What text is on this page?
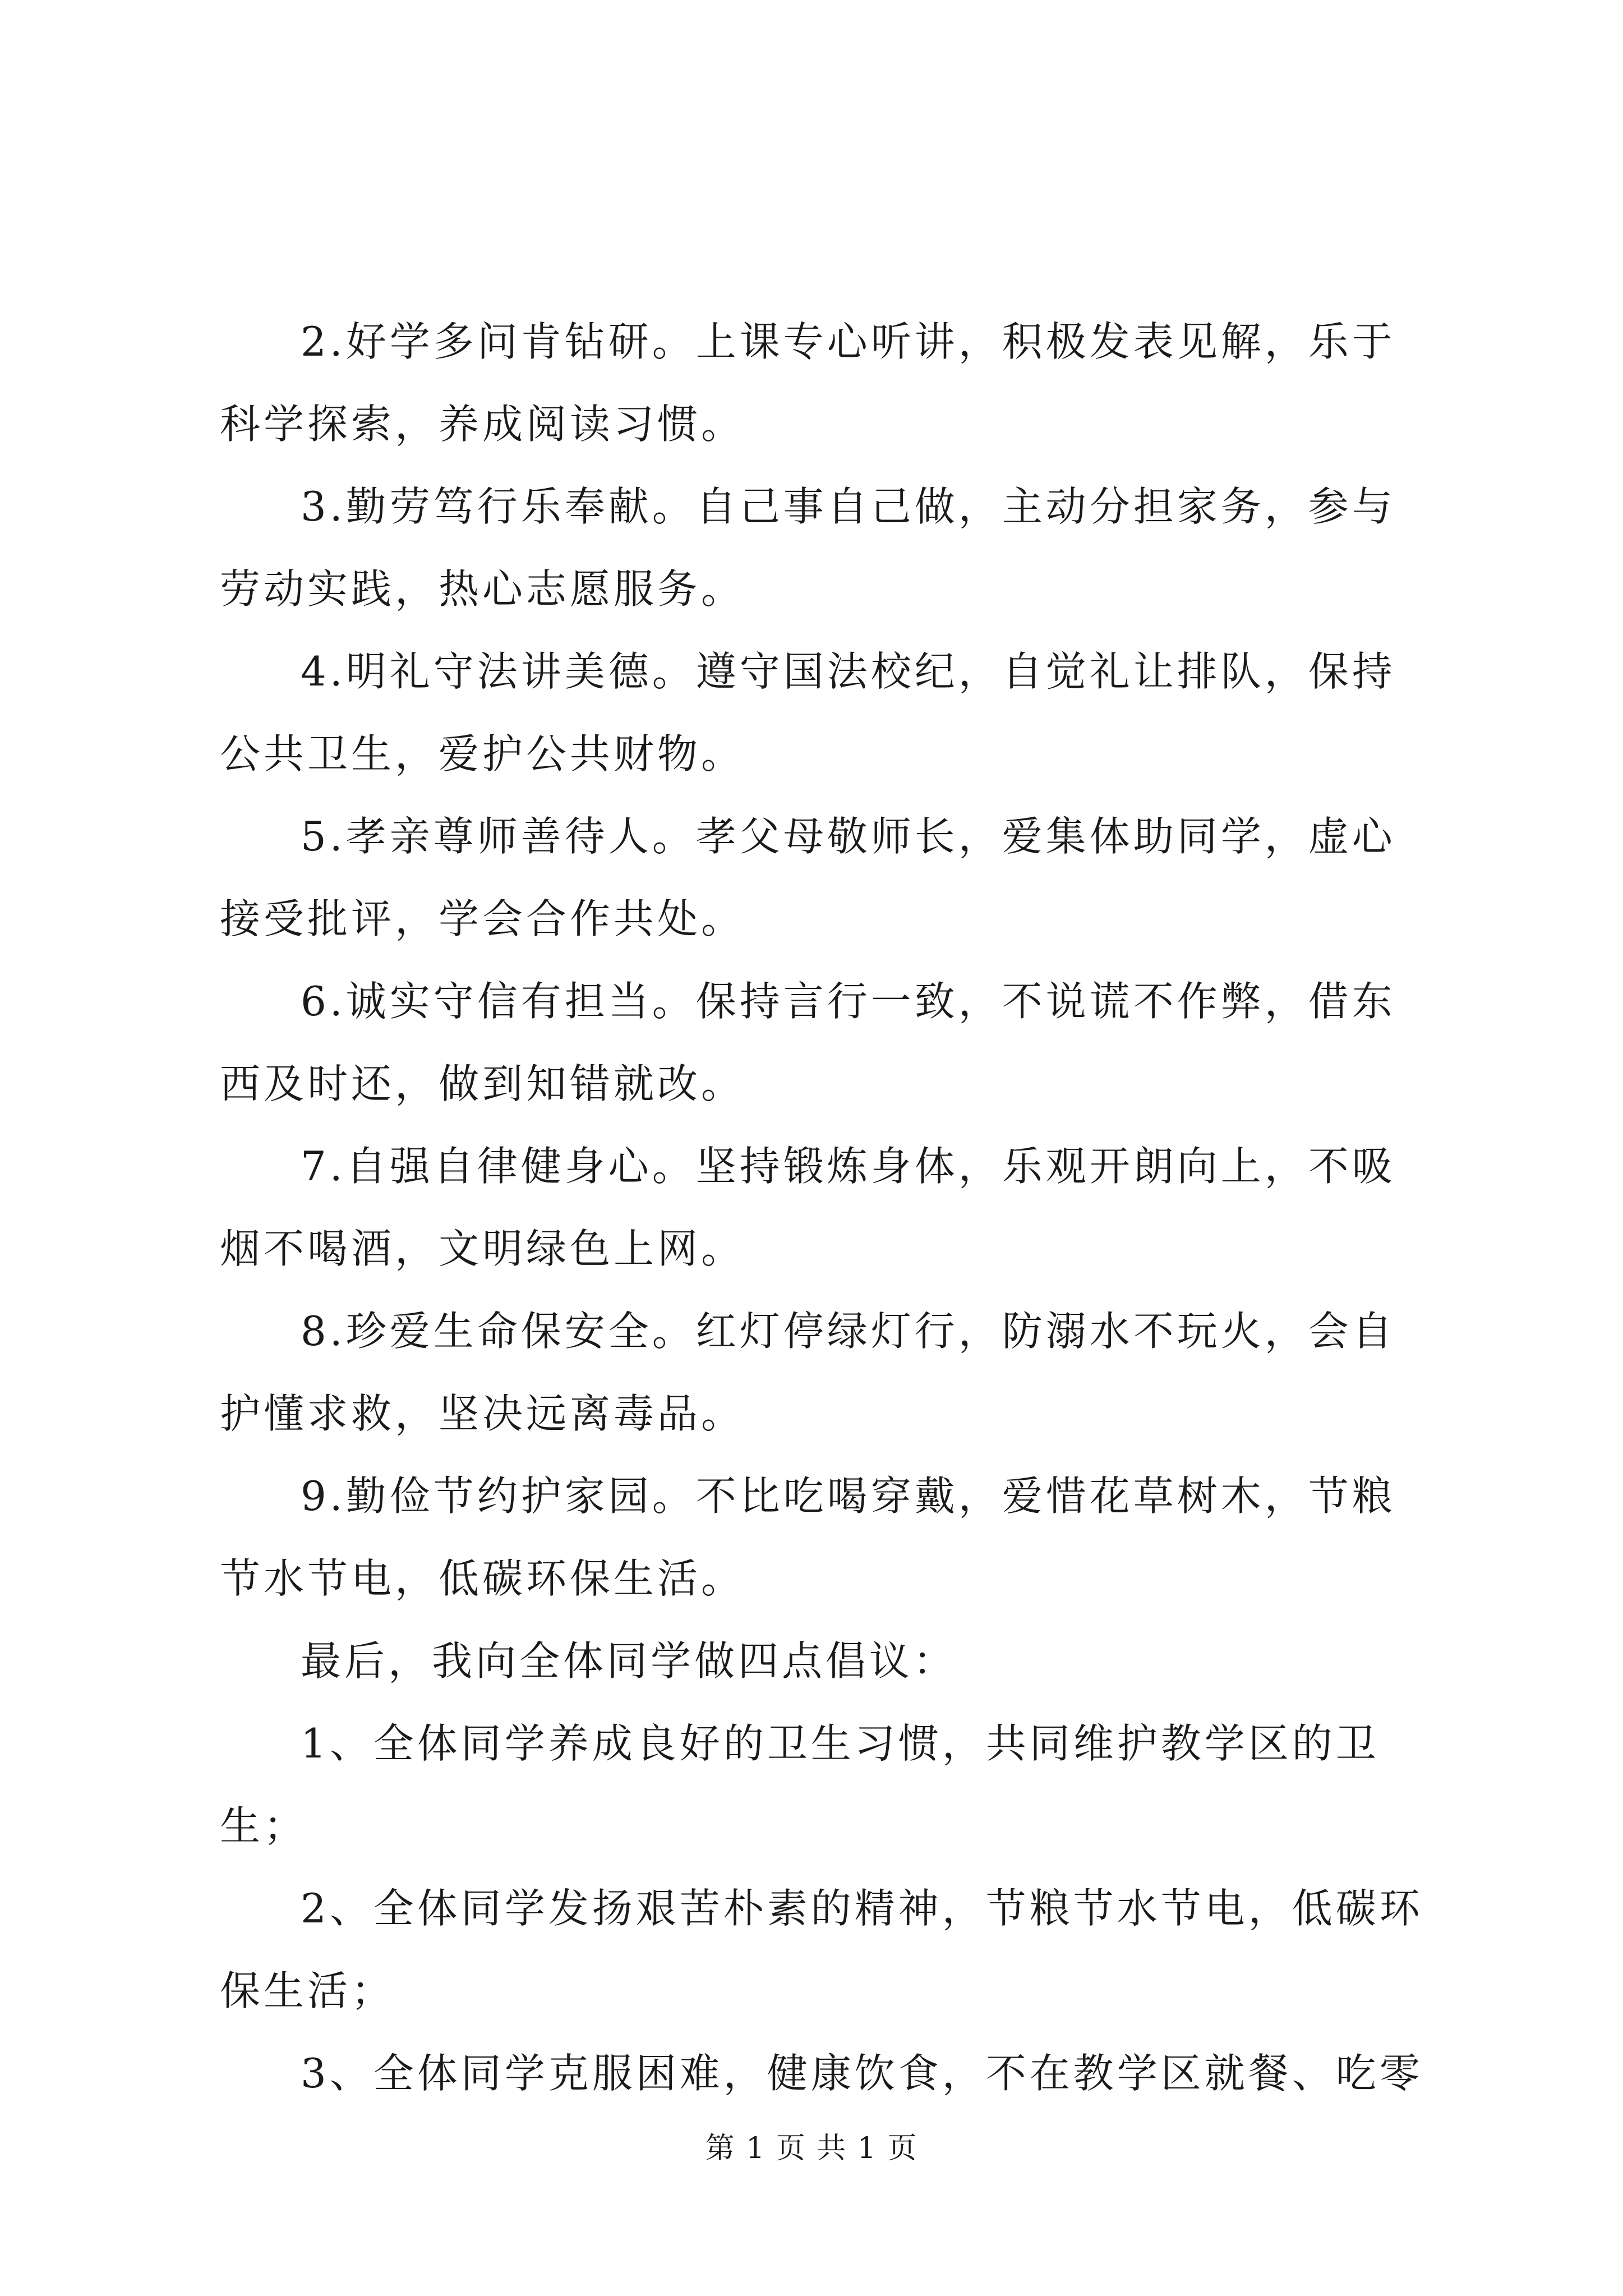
2.好学多问肯钻研。上课专心听讲，积极发表见解，乐于科学探索，养成阅读习惯。

3.勤劳笃行乐奉献。自己事自己做，主动分担家务，参与劳动实践，热心志愿服务。

4.明礼守法讲美德。遵守国法校纪，自觉礼让排队，保持公共卫生，爱护公共财物。

5.孝亲尊师善待人。孝父母敬师长，爱集体助同学，虚心接受批评，学会合作共处。

6.诚实守信有担当。保持言行一致，不说谎不作弊，借东西及时还，做到知错就改。

7.自强自律健身心。坚持锻炼身体，乐观开朗向上，不吸烟不喝酒，文明绿色上网。

8.珍爱生命保安全。红灯停绿灯行，防溺水不玩火，会自护懂求救，坚决远离毒品。

9.勤俭节约护家园。不比吃喝穿戴，爱惜花草树木，节粮节水节电，低碳环保生活。

最后，我向全体同学做四点倡议：

1、全体同学养成良好的卫生习惯，共同维护教学区的卫生；

2、全体同学发扬艰苦朴素的精神，节粮节水节电，低碳环保生活；

3、全体同学克服困难，健康饮食，不在教学区就餐、吃零

第 1 页 共 1 页
